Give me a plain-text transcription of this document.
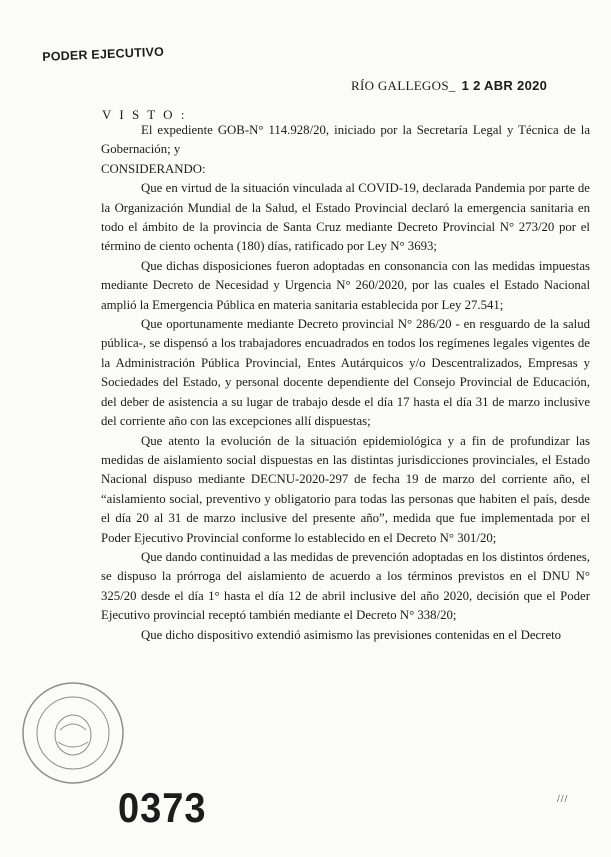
PODER EJECUTIVO
RÍO GALLEGOS_ 1 2 ABR 2020
V I S T O :

El expediente GOB-N° 114.928/20, iniciado por la Secretaría Legal y Técnica de la Gobernación; y

CONSIDERANDO:

Que en virtud de la situación vinculada al COVID-19, declarada Pandemia por parte de la Organización Mundial de la Salud, el Estado Provincial declaró la emergencia sanitaria en todo el ámbito de la provincia de Santa Cruz mediante Decreto Provincial N° 273/20 por el término de ciento ochenta (180) días, ratificado por Ley N° 3693;

Que dichas disposiciones fueron adoptadas en consonancia con las medidas impuestas mediante Decreto de Necesidad y Urgencia N° 260/2020, por las cuales el Estado Nacional amplió la Emergencia Pública en materia sanitaria establecida por Ley 27.541;

Que oportunamente mediante Decreto provincial N° 286/20 - en resguardo de la salud pública-, se dispensó a los trabajadores encuadrados en todos los regímenes legales vigentes de la Administración Pública Provincial, Entes Autárquicos y/o Descentralizados, Empresas y Sociedades del Estado, y personal docente dependiente del Consejo Provincial de Educación, del deber de asistencia a su lugar de trabajo desde el día 17 hasta el día 31 de marzo inclusive del corriente año con las excepciones allí dispuestas;

Que atento la evolución de la situación epidemiológica y a fin de profundizar las medidas de aislamiento social dispuestas en las distintas jurisdicciones provinciales, el Estado Nacional dispuso mediante DECNU-2020-297 de fecha 19 de marzo del corriente año, el “aislamiento social, preventivo y obligatorio para todas las personas que habiten el país, desde el día 20 al 31 de marzo inclusive del presente año”, medida que fue implementada por el Poder Ejecutivo Provincial conforme lo establecido en el Decreto N° 301/20;

Que dando continuidad a las medidas de prevención adoptadas en los distintos órdenes, se dispuso la prórroga del aislamiento de acuerdo a los términos previstos en el DNU N° 325/20 desde el día 1° hasta el día 12 de abril inclusive del año 2020, decisión que el Poder Ejecutivo provincial receptó también mediante el Decreto N° 338/20;

Que dicho dispositivo extendió asimismo las previsiones contenidas en el Decreto

0373	///
